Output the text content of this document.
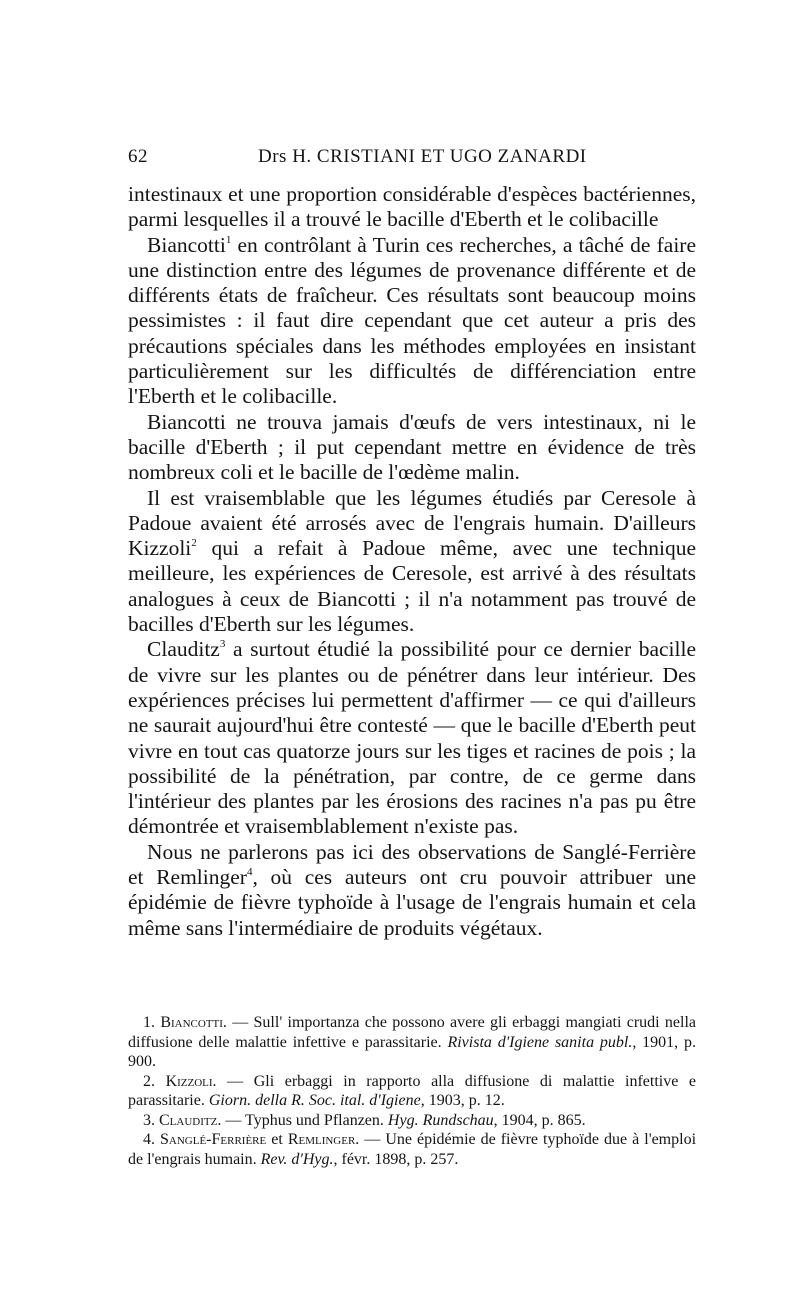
62	Drs H. CRISTIANI ET UGO ZANARDI

intestinaux et une proportion considérable d'espèces bactériennes, parmi lesquelles il a trouvé le bacille d'Eberth et le colibacille

Biancotti$^1$ en contrôlant à Turin ces recherches, a tâché de faire une distinction entre des légumes de provenance différente et de différents états de fraîcheur. Ces résultats sont beaucoup moins pessimistes : il faut dire cependant que cet auteur a pris des précautions spéciales dans les méthodes employées en insistant particulièrement sur les difficultés de différenciation entre l'Eberth et le colibacille.

Biancotti ne trouva jamais d'œufs de vers intestinaux, ni le bacille d'Eberth ; il put cependant mettre en évidence de très nombreux coli et le bacille de l'œdème malin.

Il est vraisemblable que les légumes étudiés par Ceresole à Padoue avaient été arrosés avec de l'engrais humain. D'ailleurs Kizzoli$^2$ qui a refait à Padoue même, avec une technique meilleure, les expériences de Ceresole, est arrivé à des résultats analogues à ceux de Biancotti ; il n'a notamment pas trouvé de bacilles d'Eberth sur les légumes.

Clauditz$^3$ a surtout étudié la possibilité pour ce dernier bacille de vivre sur les plantes ou de pénétrer dans leur intérieur. Des expériences précises lui permettent d'affirmer — ce qui d'ailleurs ne saurait aujourd'hui être contesté — que le bacille d'Eberth peut vivre en tout cas quatorze jours sur les tiges et racines de pois ; la possibilité de la pénétration, par contre, de ce germe dans l'intérieur des plantes par les érosions des racines n'a pas pu être démontrée et vraisemblablement n'existe pas.

Nous ne parlerons pas ici des observations de Sanglé-Ferrière et Remlinger$^4$, où ces auteurs ont cru pouvoir attribuer une épidémie de fièvre typhoïde à l'usage de l'engrais humain et cela même sans l'intermédiaire de produits végétaux.

1. Biancotti. — Sull' importanza che possono avere gli erbaggi mangiati crudi nella diffusione delle malattie infettive e parassitarie. Rivista d'Igiene sanita publ., 1901, p. 900.

2. Kizzoli. — Gli erbaggi in rapporto alla diffusione di malattie infettive e parassitarie. Giorn. della R. Soc. ital. d'Igiene, 1903, p. 12.

3. Clauditz. — Typhus und Pflanzen. Hyg. Rundschau, 1904, p. 865.

4. Sanglé-Ferrière et Remlinger. — Une épidémie de fièvre typhoïde due à l'emploi de l'engrais humain. Rev. d'Hyg., févr. 1898, p. 257.
